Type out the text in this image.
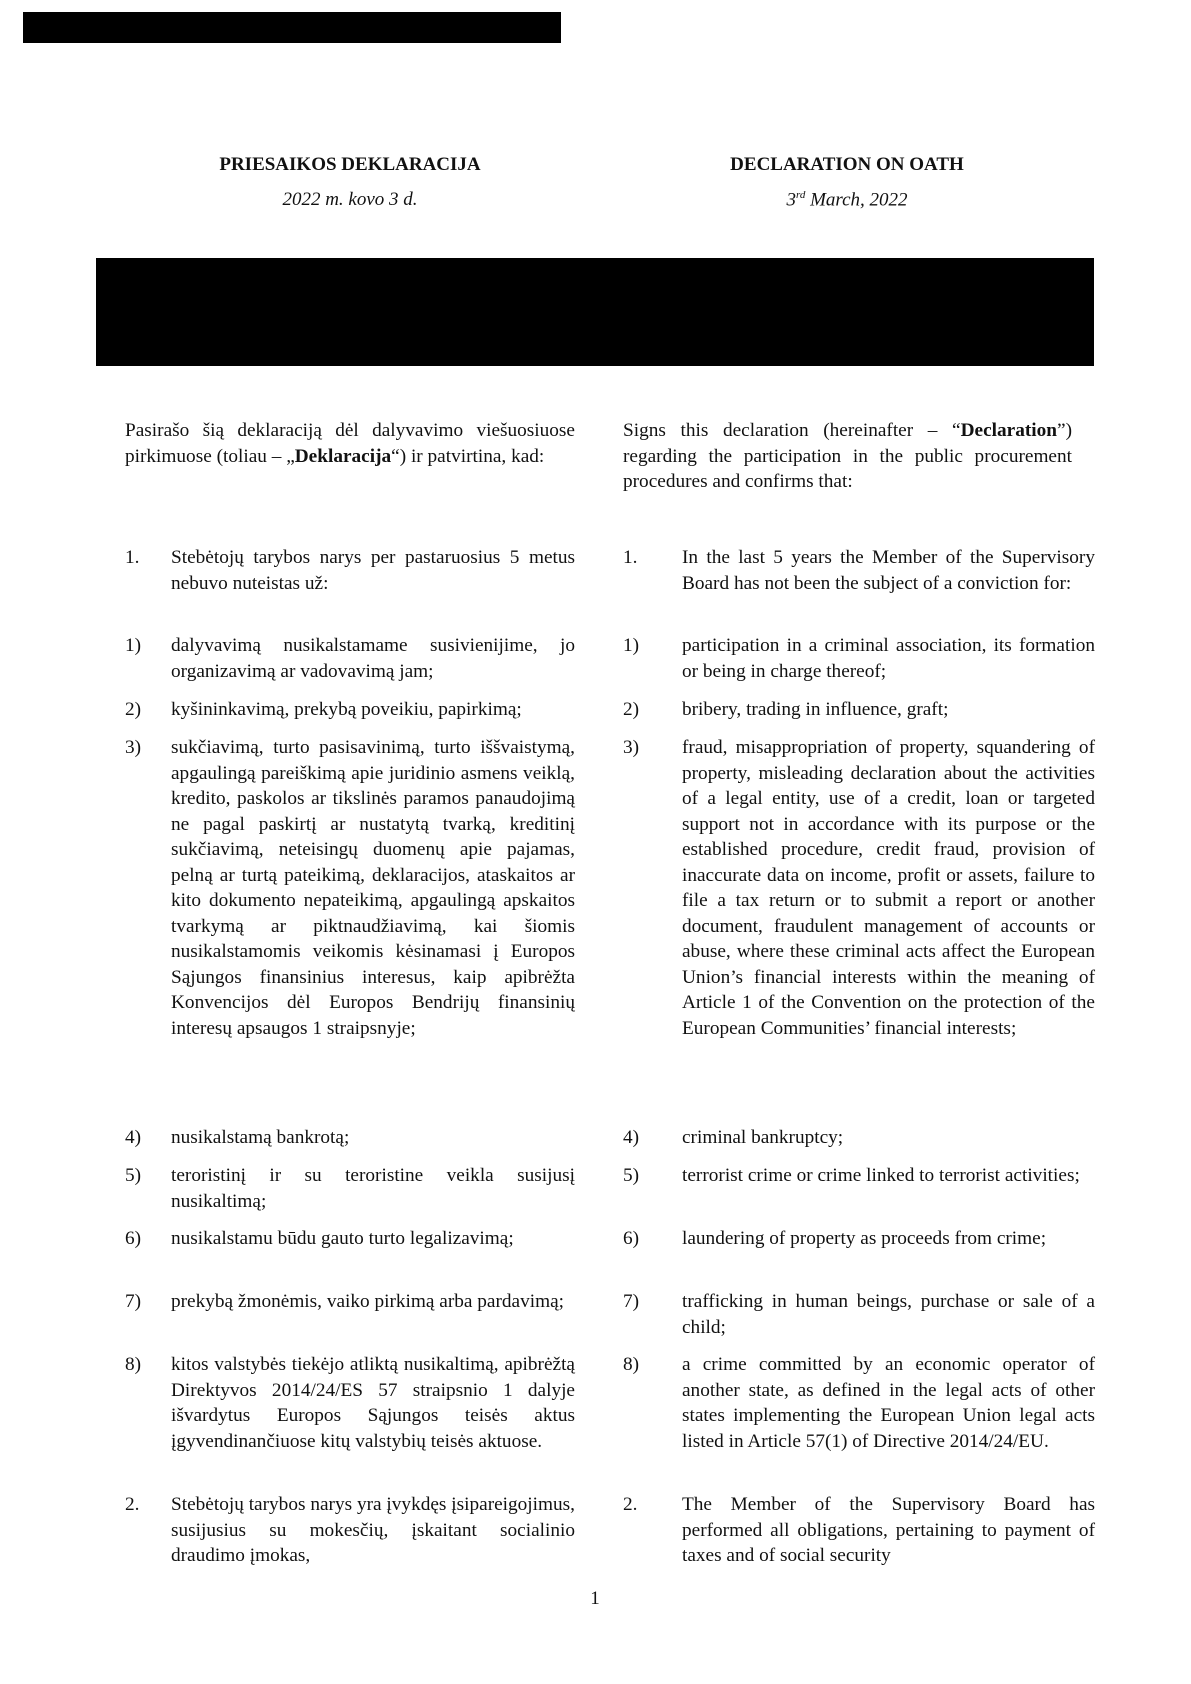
PRIESAIKOS DEKLARACIJA	DECLARATION ON OATH
2022 m. kovo 3 d.	3rd March, 2022
Pasirašo šią deklaraciją dėl dalyvavimo viešuosiuose pirkimuose (toliau – „Deklaracija“) ir patvirtina, kad:
Signs this declaration (hereinafter – “Declaration”) regarding the participation in the public procurement procedures and confirms that:
1. Stebėtojų tarybos narys per pastaruosius 5 metus nebuvo nuteistas už:
1) dalyvavimą nusikalstamame susivienijime, jo organizavimą ar vadovavimą jam;
2) kyšininkavimą, prekybą poveikiu, papirkimą;
3) sukčiavimą, turto pasisavinimą, turto iššvaistymą, apgaulingą pareiškimą apie juridinio asmens veiklą, kredito, paskolos ar tikslinės paramos panaudojimą ne pagal paskirtį ar nustatytą tvarką, kreditinį sukčiavimą, neteisingų duomenų apie pajamas, pelną ar turtą pateikimą, deklaracijos, ataskaitos ar kito dokumento nepateikimą, apgaulingą apskaitos tvarkymą ar piktnaudžiavimą, kai šiomis nusikalstamomis veikomis kėsinamasi į Europos Sąjungos finansinius interesus, kaip apibrėžta Konvencijos dėl Europos Bendrijų finansinių interesų apsaugos 1 straipsnyje;
4) nusikalstamą bankrotą;
5) teroristinį ir su teroristine veikla susijusį nusikaltimą;
6) nusikalstamu būdu gauto turto legalizavimą;
7) prekybą žmonėmis, vaiko pirkimą arba pardavimą;
8) kitos valstybės tiekėjo atliktą nusikaltimą, apibrėžtą Direktyvos 2014/24/ES 57 straipsnio 1 dalyje išvardytus Europos Sąjungos teisės aktus įgyvendinančiuose kitų valstybių teisės aktuose.
2. Stebėtojų tarybos narys yra įvykdęs įsipareigojimus, susijusius su mokesčių, įskaitant socialinio draudimo įmokas,
1. In the last 5 years the Member of the Supervisory Board has not been the subject of a conviction for:
1) participation in a criminal association, its formation or being in charge thereof;
2) bribery, trading in influence, graft;
3) fraud, misappropriation of property, squandering of property, misleading declaration about the activities of a legal entity, use of a credit, loan or targeted support not in accordance with its purpose or the established procedure, credit fraud, provision of inaccurate data on income, profit or assets, failure to file a tax return or to submit a report or another document, fraudulent management of accounts or abuse, where these criminal acts affect the European Union’s financial interests within the meaning of Article 1 of the Convention on the protection of the European Communities’ financial interests;
4) criminal bankruptcy;
5) terrorist crime or crime linked to terrorist activities;
6) laundering of property as proceeds from crime;
7) trafficking in human beings, purchase or sale of a child;
8) a crime committed by an economic operator of another state, as defined in the legal acts of other states implementing the European Union legal acts listed in Article 57(1) of Directive 2014/24/EU.
2. The Member of the Supervisory Board has performed all obligations, pertaining to payment of taxes and of social security
1
